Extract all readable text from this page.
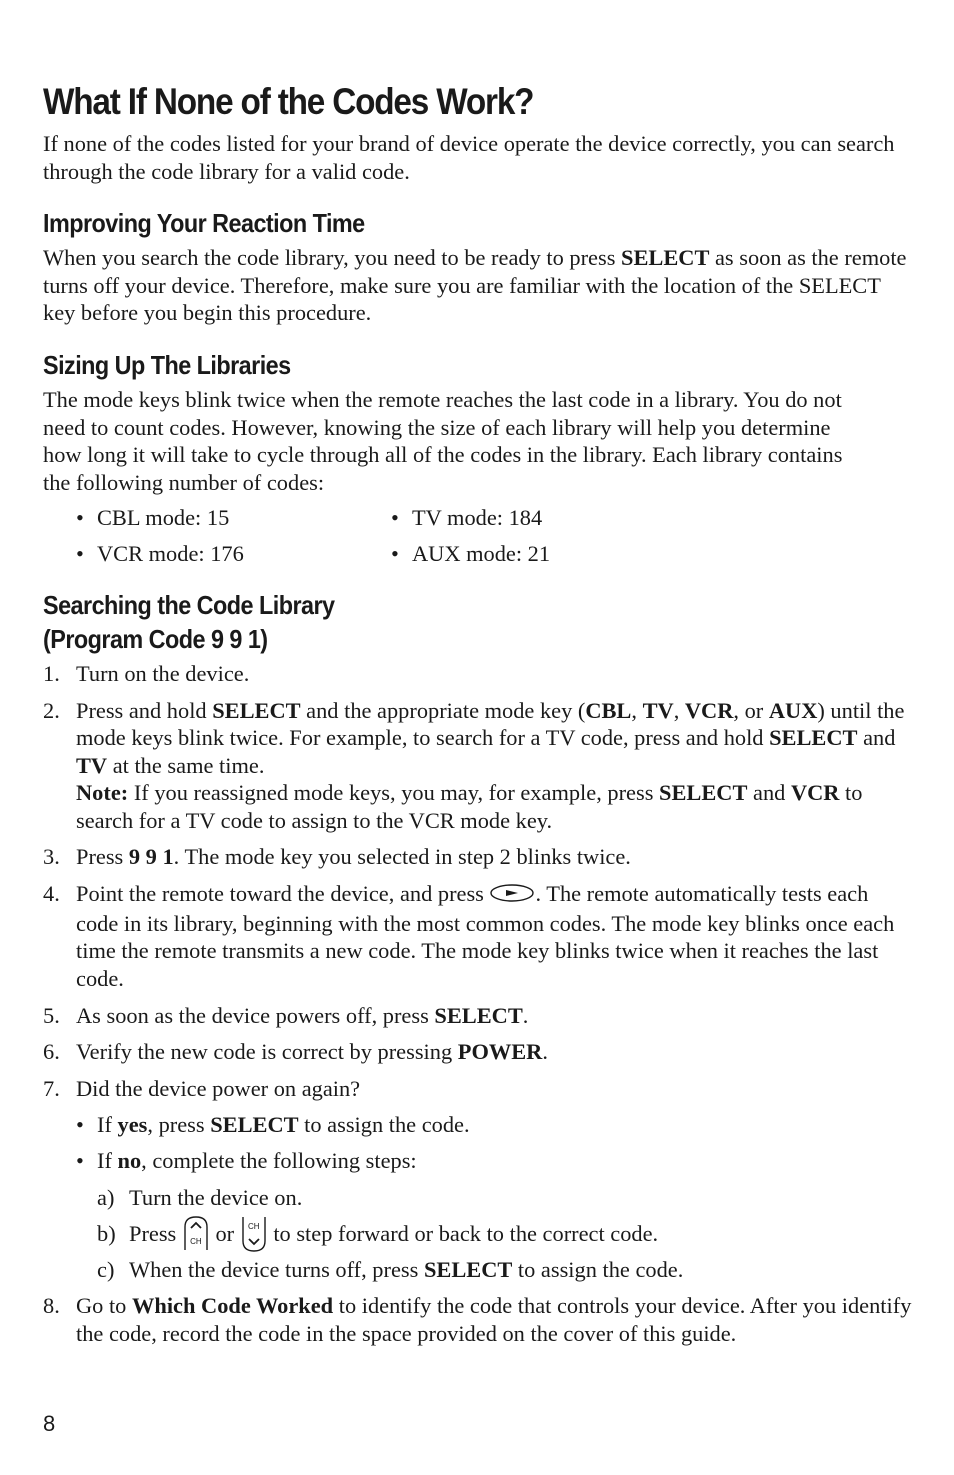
What If None of the Codes Work?

If none of the codes listed for your brand of device operate the device correctly, you can search through the code library for a valid code.

Improving Your Reaction Time

When you search the code library, you need to be ready to press SELECT as soon as the remote turns off your device. Therefore, make sure you are familiar with the location of the SELECT key before you begin this procedure.

Sizing Up The Libraries

The mode keys blink twice when the remote reaches the last code in a library. You do not need to count codes. However, knowing the size of each library will help you determine how long it will take to cycle through all of the codes in the library. Each library contains the following number of codes:

• CBL mode: 15	• TV mode: 184
• VCR mode: 176	• AUX mode: 21
Searching the Code Library
(Program Code 9 9 1)
1. Turn on the device.
2. Press and hold SELECT and the appropriate mode key (CBL, TV, VCR, or AUX) until the mode keys blink twice. For example, to search for a TV code, press and hold SELECT and TV at the same time.
Note: If you reassigned mode keys, you may, for example, press SELECT and VCR to search for a TV code to assign to the VCR mode key.
3. Press 9 9 1. The mode key you selected in step 2 blinks twice.
4. Point the remote toward the device, and press . The remote automatically tests each code in its library, beginning with the most common codes. The mode key blinks once each time the remote transmits a new code. The mode key blinks twice when it reaches the last code.
5. As soon as the device powers off, press SELECT.
6. Verify the new code is correct by pressing POWER.
7. Did the device power on again?
• If yes, press SELECT to assign the code.
• If no, complete the following steps:
a) Turn the device on.
b) Press	CH or	CH to step forward or back to the correct code.
c) When the device turns off, press SELECT to assign the code.
8. Go to Which Code Worked to identify the code that controls your device. After you identify the code, record the code in the space provided on the cover of this guide.
8
